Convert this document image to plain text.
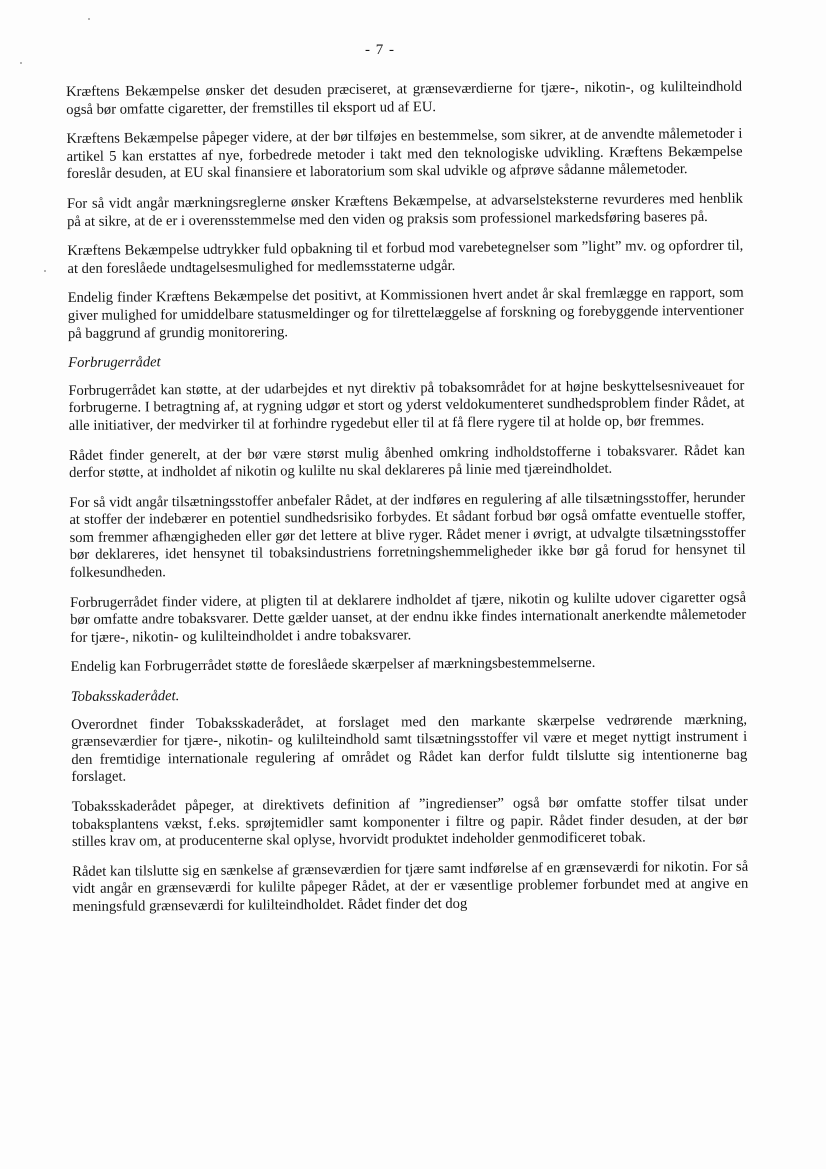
- 7 -

Kræftens Bekæmpelse ønsker det desuden præciseret, at grænseværdierne for tjære-, nikotin-, og kulilteindhold også bør omfatte cigaretter, der fremstilles til eksport ud af EU.

Kræftens Bekæmpelse påpeger videre, at der bør tilføjes en bestemmelse, som sikrer, at de anvendte målemetoder i artikel 5 kan erstattes af nye, forbedrede metoder i takt med den teknologiske udvikling. Kræftens Bekæmpelse foreslår desuden, at EU skal finansiere et laboratorium som skal udvikle og afprøve sådanne målemetoder.

For så vidt angår mærkningsreglerne ønsker Kræftens Bekæmpelse, at advarselsteksterne revurderes med henblik på at sikre, at de er i overensstemmelse med den viden og praksis som professionel markedsføring baseres på.

Kræftens Bekæmpelse udtrykker fuld opbakning til et forbud mod varebetegnelser som ”light” mv. og opfordrer til, at den foreslåede undtagelsesmulighed for medlemsstaterne udgår.

Endelig finder Kræftens Bekæmpelse det positivt, at Kommissionen hvert andet år skal fremlægge en rapport, som giver mulighed for umiddelbare statusmeldinger og for tilrettelæggelse af forskning og forebyggende interventioner på baggrund af grundig monitorering.

Forbrugerrådet

Forbrugerrådet kan støtte, at der udarbejdes et nyt direktiv på tobaksområdet for at højne beskyttelsesniveauet for forbrugerne. I betragtning af, at rygning udgør et stort og yderst veldokumenteret sundhedsproblem finder Rådet, at alle initiativer, der medvirker til at forhindre rygedebut eller til at få flere rygere til at holde op, bør fremmes.

Rådet finder generelt, at der bør være størst mulig åbenhed omkring indholdstofferne i tobaksvarer. Rådet kan derfor støtte, at indholdet af nikotin og kulilte nu skal deklareres på linie med tjæreindholdet.

For så vidt angår tilsætningsstoffer anbefaler Rådet, at der indføres en regulering af alle tilsætningsstoffer, herunder at stoffer der indebærer en potentiel sundhedsrisiko forbydes. Et sådant forbud bør også omfatte eventuelle stoffer, som fremmer afhængigheden eller gør det lettere at blive ryger. Rådet mener i øvrigt, at udvalgte tilsætningsstoffer bør deklareres, idet hensynet til tobaksindustriens forretningshemmeligheder ikke bør gå forud for hensynet til folkesundheden.

Forbrugerrådet finder videre, at pligten til at deklarere indholdet af tjære, nikotin og kulilte udover cigaretter også bør omfatte andre tobaksvarer. Dette gælder uanset, at der endnu ikke findes internationalt anerkendte målemetoder for tjære-, nikotin- og kulilteindholdet i andre tobaksvarer.

Endelig kan Forbrugerrådet støtte de foreslåede skærpelser af mærkningsbestemmelserne.

Tobaksskaderådet.

Overordnet finder Tobaksskaderådet, at forslaget med den markante skærpelse vedrørende mærkning, grænseværdier for tjære-, nikotin- og kulilteindhold samt tilsætningsstoffer vil være et meget nyttigt instrument i den fremtidige internationale regulering af området og Rådet kan derfor fuldt tilslutte sig intentionerne bag forslaget.

Tobaksskaderådet påpeger, at direktivets definition af ”ingredienser” også bør omfatte stoffer tilsat under tobaksplantens vækst, f.eks. sprøjtemidler samt komponenter i filtre og papir. Rådet finder desuden, at der bør stilles krav om, at producenterne skal oplyse, hvorvidt produktet indeholder genmodificeret tobak.

Rådet kan tilslutte sig en sænkelse af grænseværdien for tjære samt indførelse af en grænseværdi for nikotin. For så vidt angår en grænseværdi for kulilte påpeger Rådet, at der er væsentlige problemer forbundet med at angive en meningsfuld grænseværdi for kulilteindholdet. Rådet finder det dog
